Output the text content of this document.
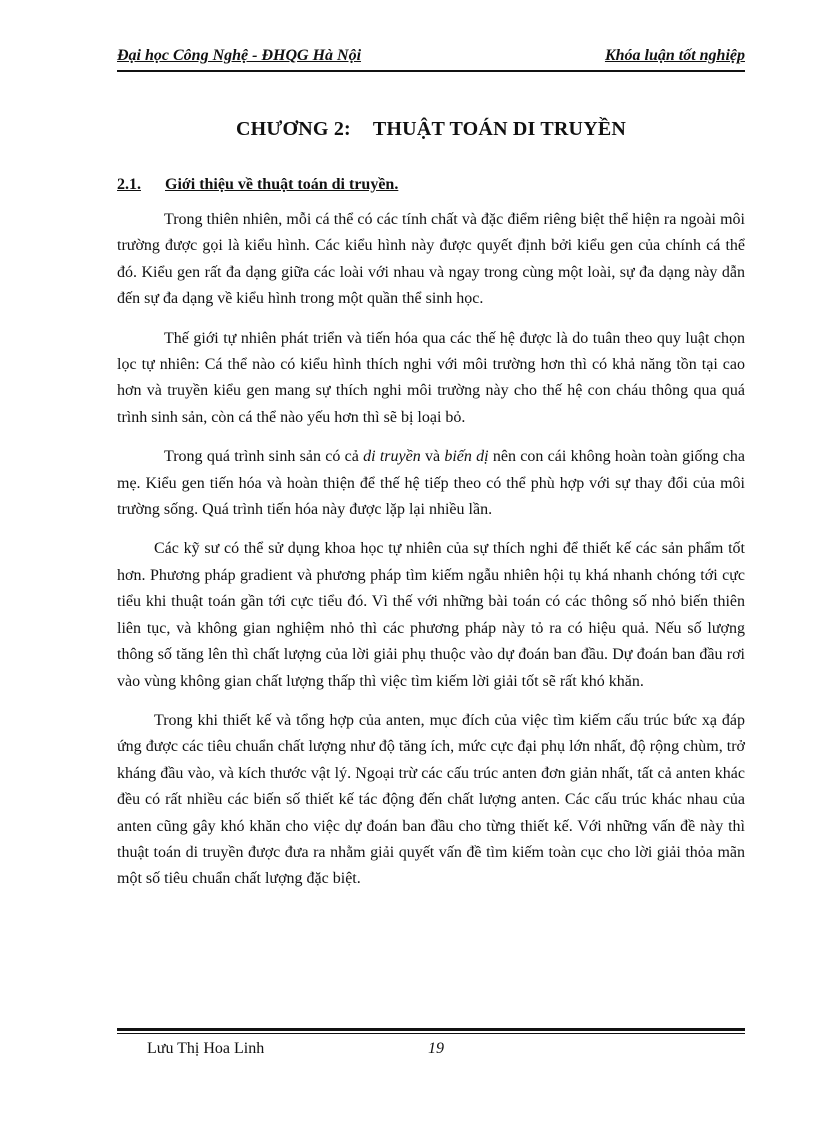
Đại học Công Nghệ - ĐHQG Hà Nội	Khóa luận tốt nghiệp
CHƯƠNG 2: THUẬT TOÁN DI TRUYỀN
2.1. Giới thiệu về thuật toán di truyền.

Trong thiên nhiên, mỗi cá thể có các tính chất và đặc điểm riêng biệt thể hiện ra ngoài môi trường được gọi là kiểu hình. Các kiểu hình này được quyết định bởi kiểu gen của chính cá thể đó. Kiểu gen rất đa dạng giữa các loài với nhau và ngay trong cùng một loài, sự đa dạng này dẫn đến sự đa dạng về kiểu hình trong một quần thể sinh học.

Thế giới tự nhiên phát triển và tiến hóa qua các thế hệ được là do tuân theo quy luật chọn lọc tự nhiên: Cá thể nào có kiểu hình thích nghi với môi trường hơn thì có khả năng tồn tại cao hơn và truyền kiểu gen mang sự thích nghi môi trường này cho thế hệ con cháu thông qua quá trình sinh sản, còn cá thể nào yếu hơn thì sẽ bị loại bỏ.

Trong quá trình sinh sản có cả di truyền và biến dị nên con cái không hoàn toàn giống cha mẹ. Kiểu gen tiến hóa và hoàn thiện để thế hệ tiếp theo có thể phù hợp với sự thay đổi của môi trường sống. Quá trình tiến hóa này được lặp lại nhiều lần.

Các kỹ sư có thể sử dụng khoa học tự nhiên của sự thích nghi để thiết kế các sản phẩm tốt hơn. Phương pháp gradient và phương pháp tìm kiếm ngẫu nhiên hội tụ khá nhanh chóng tới cực tiểu khi thuật toán gần tới cực tiểu đó. Vì thế với những bài toán có các thông số nhỏ biến thiên liên tục, và không gian nghiệm nhỏ thì các phương pháp này tỏ ra có hiệu quả. Nếu số lượng thông số tăng lên thì chất lượng của lời giải phụ thuộc vào dự đoán ban đầu. Dự đoán ban đầu rơi vào vùng không gian chất lượng thấp thì việc tìm kiếm lời giải tốt sẽ rất khó khăn.

Trong khi thiết kế và tổng hợp của anten, mục đích của việc tìm kiếm cấu trúc bức xạ đáp ứng được các tiêu chuẩn chất lượng như độ tăng ích, mức cực đại phụ lớn nhất, độ rộng chùm, trở kháng đầu vào, và kích thước vật lý. Ngoại trừ các cấu trúc anten đơn giản nhất, tất cả anten khác đều có rất nhiều các biến số thiết kế tác động đến chất lượng anten. Các cấu trúc khác nhau của anten cũng gây khó khăn cho việc dự đoán ban đầu cho từng thiết kế. Với những vấn đề này thì thuật toán di truyền được đưa ra nhằm giải quyết vấn đề tìm kiếm toàn cục cho lời giải thỏa mãn một số tiêu chuẩn chất lượng đặc biệt.

Lưu Thị Hoa Linh	19
